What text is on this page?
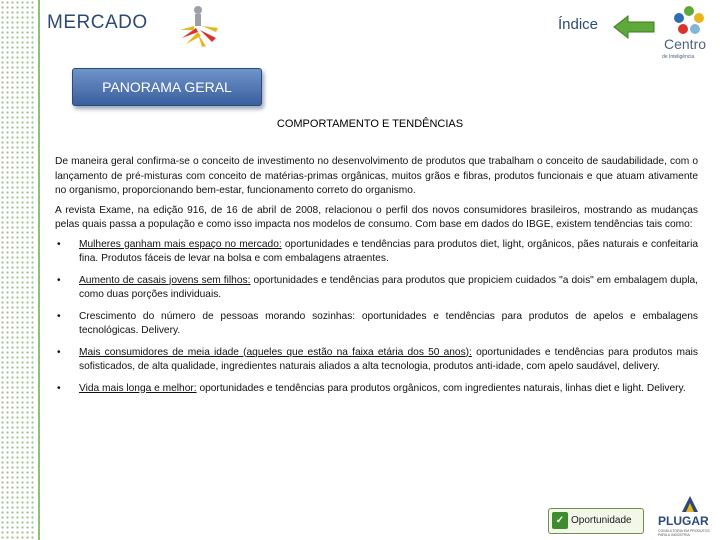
MERCADO	Índice
Centro
de Inteligência
PANORAMA GERAL
COMPORTAMENTO E TENDÊNCIAS

De maneira geral confirma-se o conceito de investimento no desenvolvimento de produtos que trabalham o conceito de saudabilidade, com o lançamento de pré-misturas com conceito de matérias-primas orgânicas, muitos grãos e fibras, produtos funcionais e que atuam ativamente no organismo, proporcionando bem-estar, funcionamento correto do organismo.

A revista Exame, na edição 916, de 16 de abril de 2008, relacionou o perfil dos novos consumidores brasileiros, mostrando as mudanças pelas quais passa a população e como isso impacta nos modelos de consumo. Com base em dados do IBGE, existem tendências tais como:

• Mulheres ganham mais espaço no mercado: oportunidades e tendências para produtos diet, light, orgânicos, pães naturais e confeitaria fina. Produtos fáceis de levar na bolsa e com embalagens atraentes.
• Aumento de casais jovens sem filhos: oportunidades e tendências para produtos que propiciem cuidados "a dois" em embalagem dupla, como duas porções individuais.
• Crescimento do número de pessoas morando sozinhas: oportunidades e tendências para produtos de apelos e embalagens tecnológicas. Delivery.
• Mais consumidores de meia idade (aqueles que estão na faixa etária dos 50 anos): oportunidades e tendências para produtos mais sofisticados, de alta qualidade, ingredientes naturais aliados a alta tecnologia, produtos anti-idade, com apelo saudável, delivery.
• Vida mais longa e melhor: oportunidades e tendências para produtos orgânicos, com ingredientes naturais, linhas diet e light. Delivery.
✓ Oportunidade PLUGAR
CONSULTORIA EM PRODUTOS PARA A INDÚSTRIA
